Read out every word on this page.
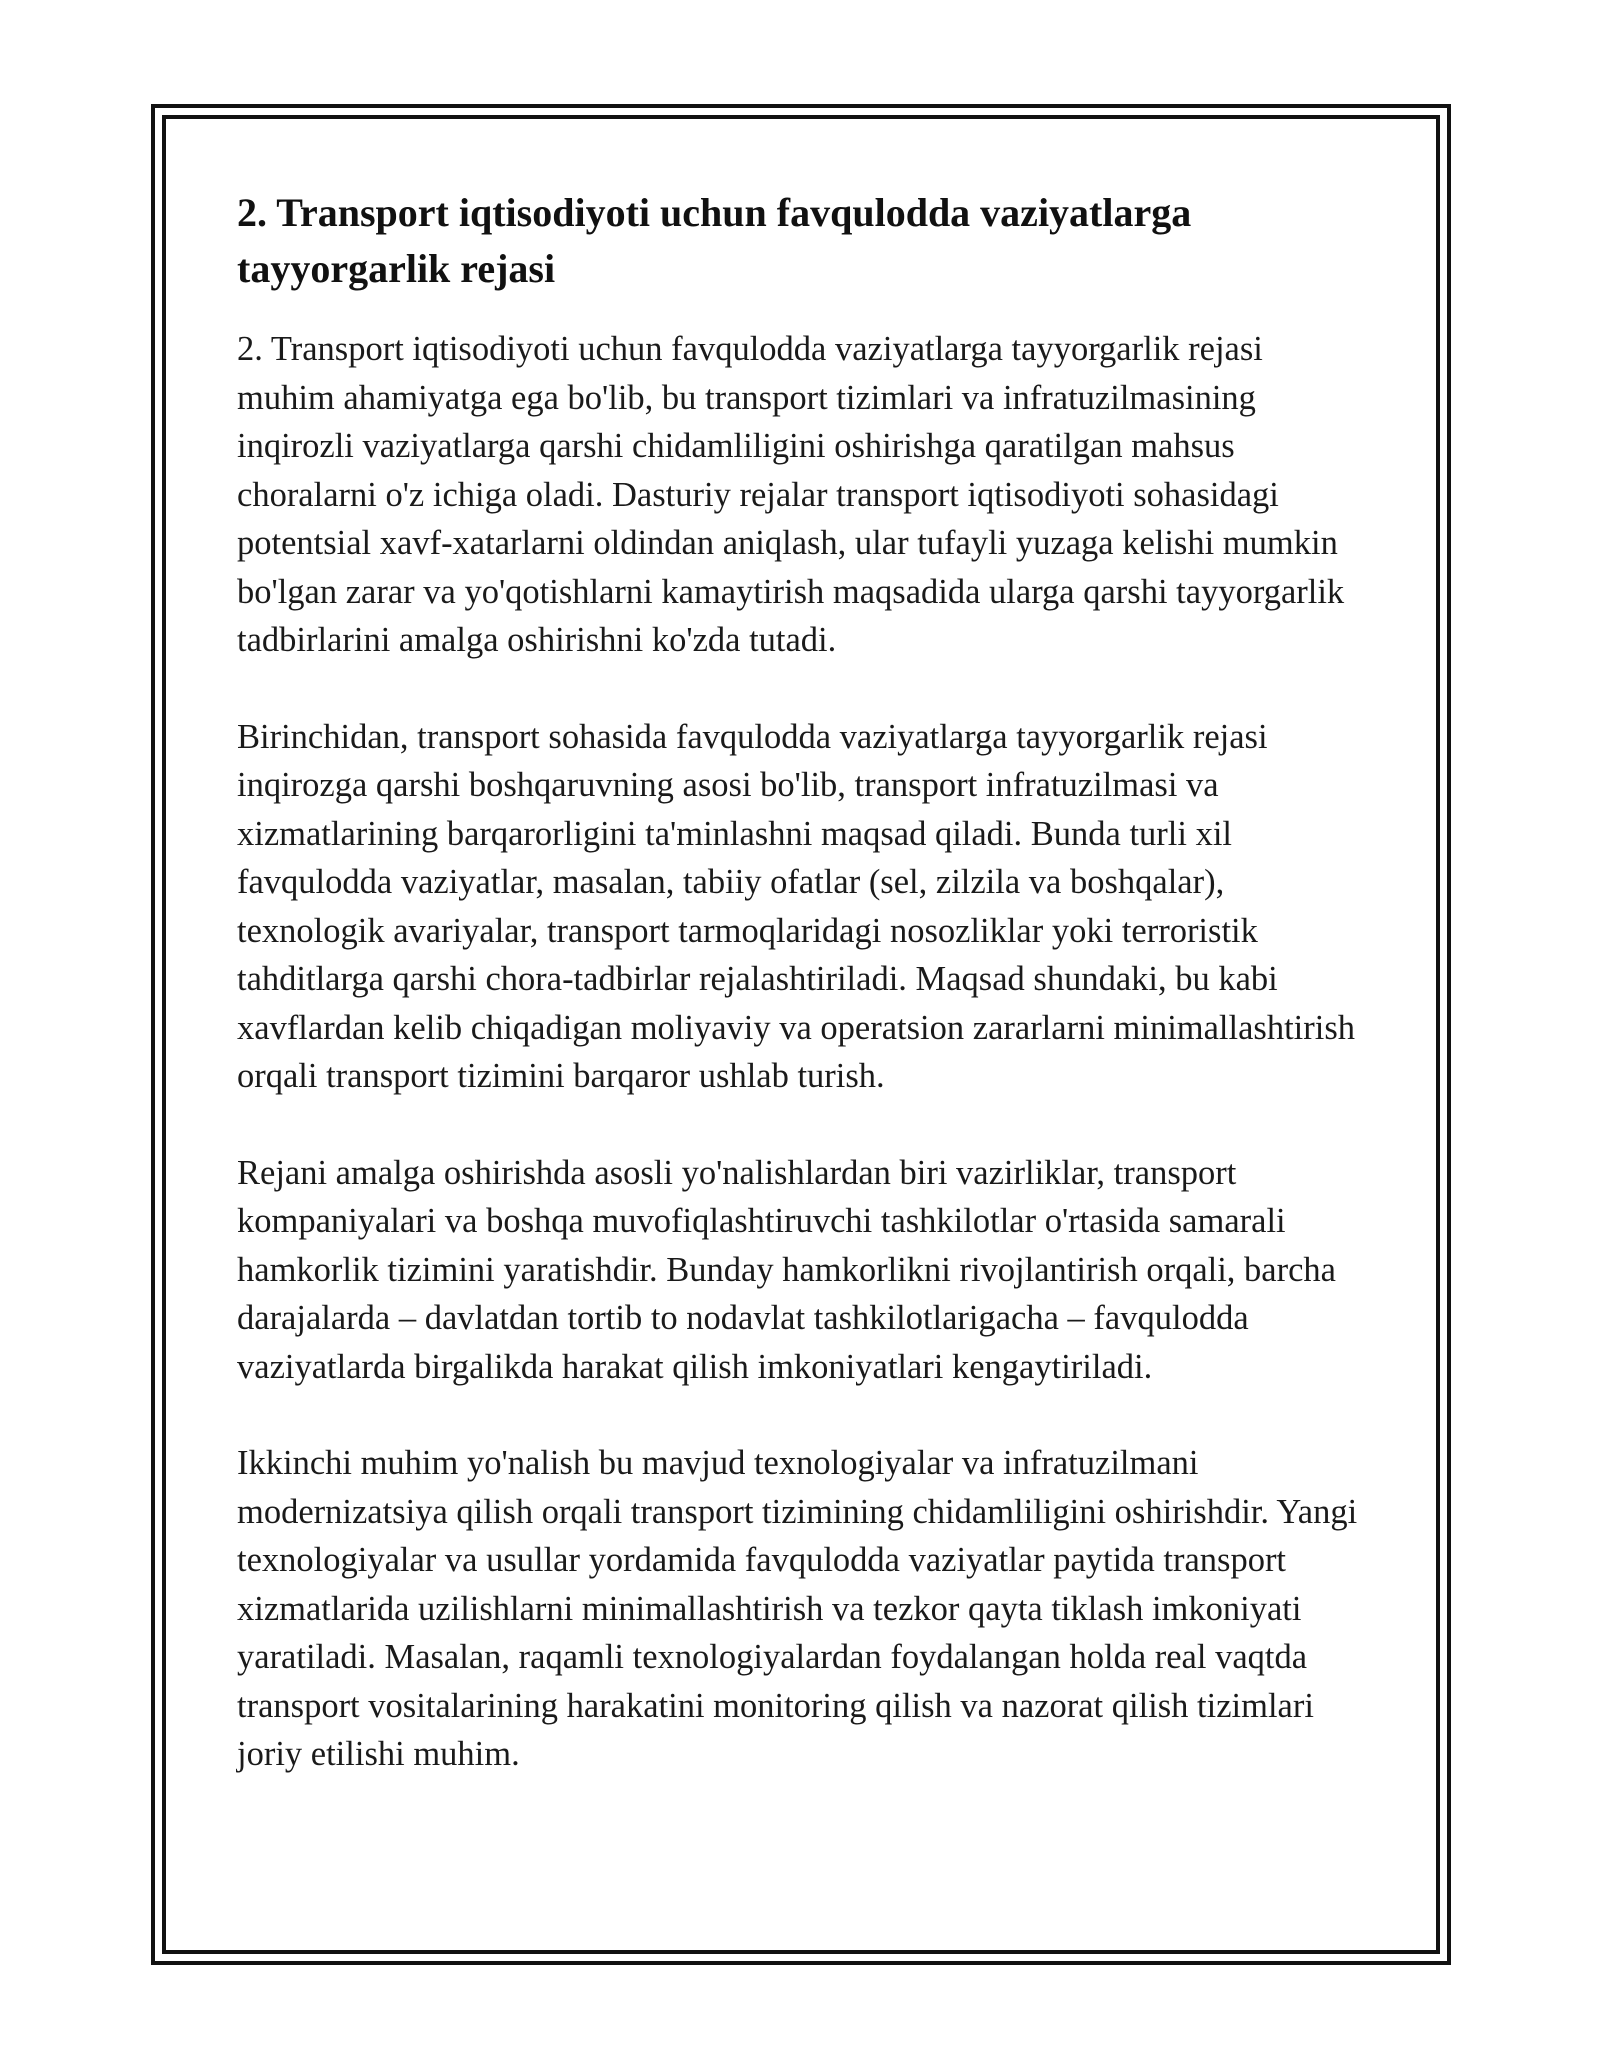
2. Transport iqtisodiyoti uchun favqulodda vaziyatlarga tayyorgarlik rejasi

2. Transport iqtisodiyoti uchun favqulodda vaziyatlarga tayyorgarlik rejasi muhim ahamiyatga ega bo'lib, bu transport tizimlari va infratuzilmasining inqirozli vaziyatlarga qarshi chidamliligini oshirishga qaratilgan mahsus choralarni o'z ichiga oladi. Dasturiy rejalar transport iqtisodiyoti sohasidagi potentsial xavf-xatarlarni oldindan aniqlash, ular tufayli yuzaga kelishi mumkin bo'lgan zarar va yo'qotishlarni kamaytirish maqsadida ularga qarshi tayyorgarlik tadbirlarini amalga oshirishni ko'zda tutadi.

Birinchidan, transport sohasida favqulodda vaziyatlarga tayyorgarlik rejasi inqirozga qarshi boshqaruvning asosi bo'lib, transport infratuzilmasi va xizmatlarining barqarorligini ta'minlashni maqsad qiladi. Bunda turli xil favqulodda vaziyatlar, masalan, tabiiy ofatlar (sel, zilzila va boshqalar), texnologik avariyalar, transport tarmoqlaridagi nosozliklar yoki terroristik tahditlarga qarshi chora-tadbirlar rejalashtiriladi. Maqsad shundaki, bu kabi xavflardan kelib chiqadigan moliyaviy va operatsion zararlarni minimallashtirish orqali transport tizimini barqaror ushlab turish.

Rejani amalga oshirishda asosli yo'nalishlardan biri vazirliklar, transport kompaniyalari va boshqa muvofiqlashtiruvchi tashkilotlar o'rtasida samarali hamkorlik tizimini yaratishdir. Bunday hamkorlikni rivojlantirish orqali, barcha darajalarda – davlatdan tortib to nodavlat tashkilotlarigacha – favqulodda vaziyatlarda birgalikda harakat qilish imkoniyatlari kengaytiriladi.

Ikkinchi muhim yo'nalish bu mavjud texnologiyalar va infratuzilmani modernizatsiya qilish orqali transport tizimining chidamliligini oshirishdir. Yangi texnologiyalar va usullar yordamida favqulodda vaziyatlar paytida transport xizmatlarida uzilishlarni minimallashtirish va tezkor qayta tiklash imkoniyati yaratiladi. Masalan, raqamli texnologiyalardan foydalangan holda real vaqtda transport vositalarining harakatini monitoring qilish va nazorat qilish tizimlari joriy etilishi muhim.
